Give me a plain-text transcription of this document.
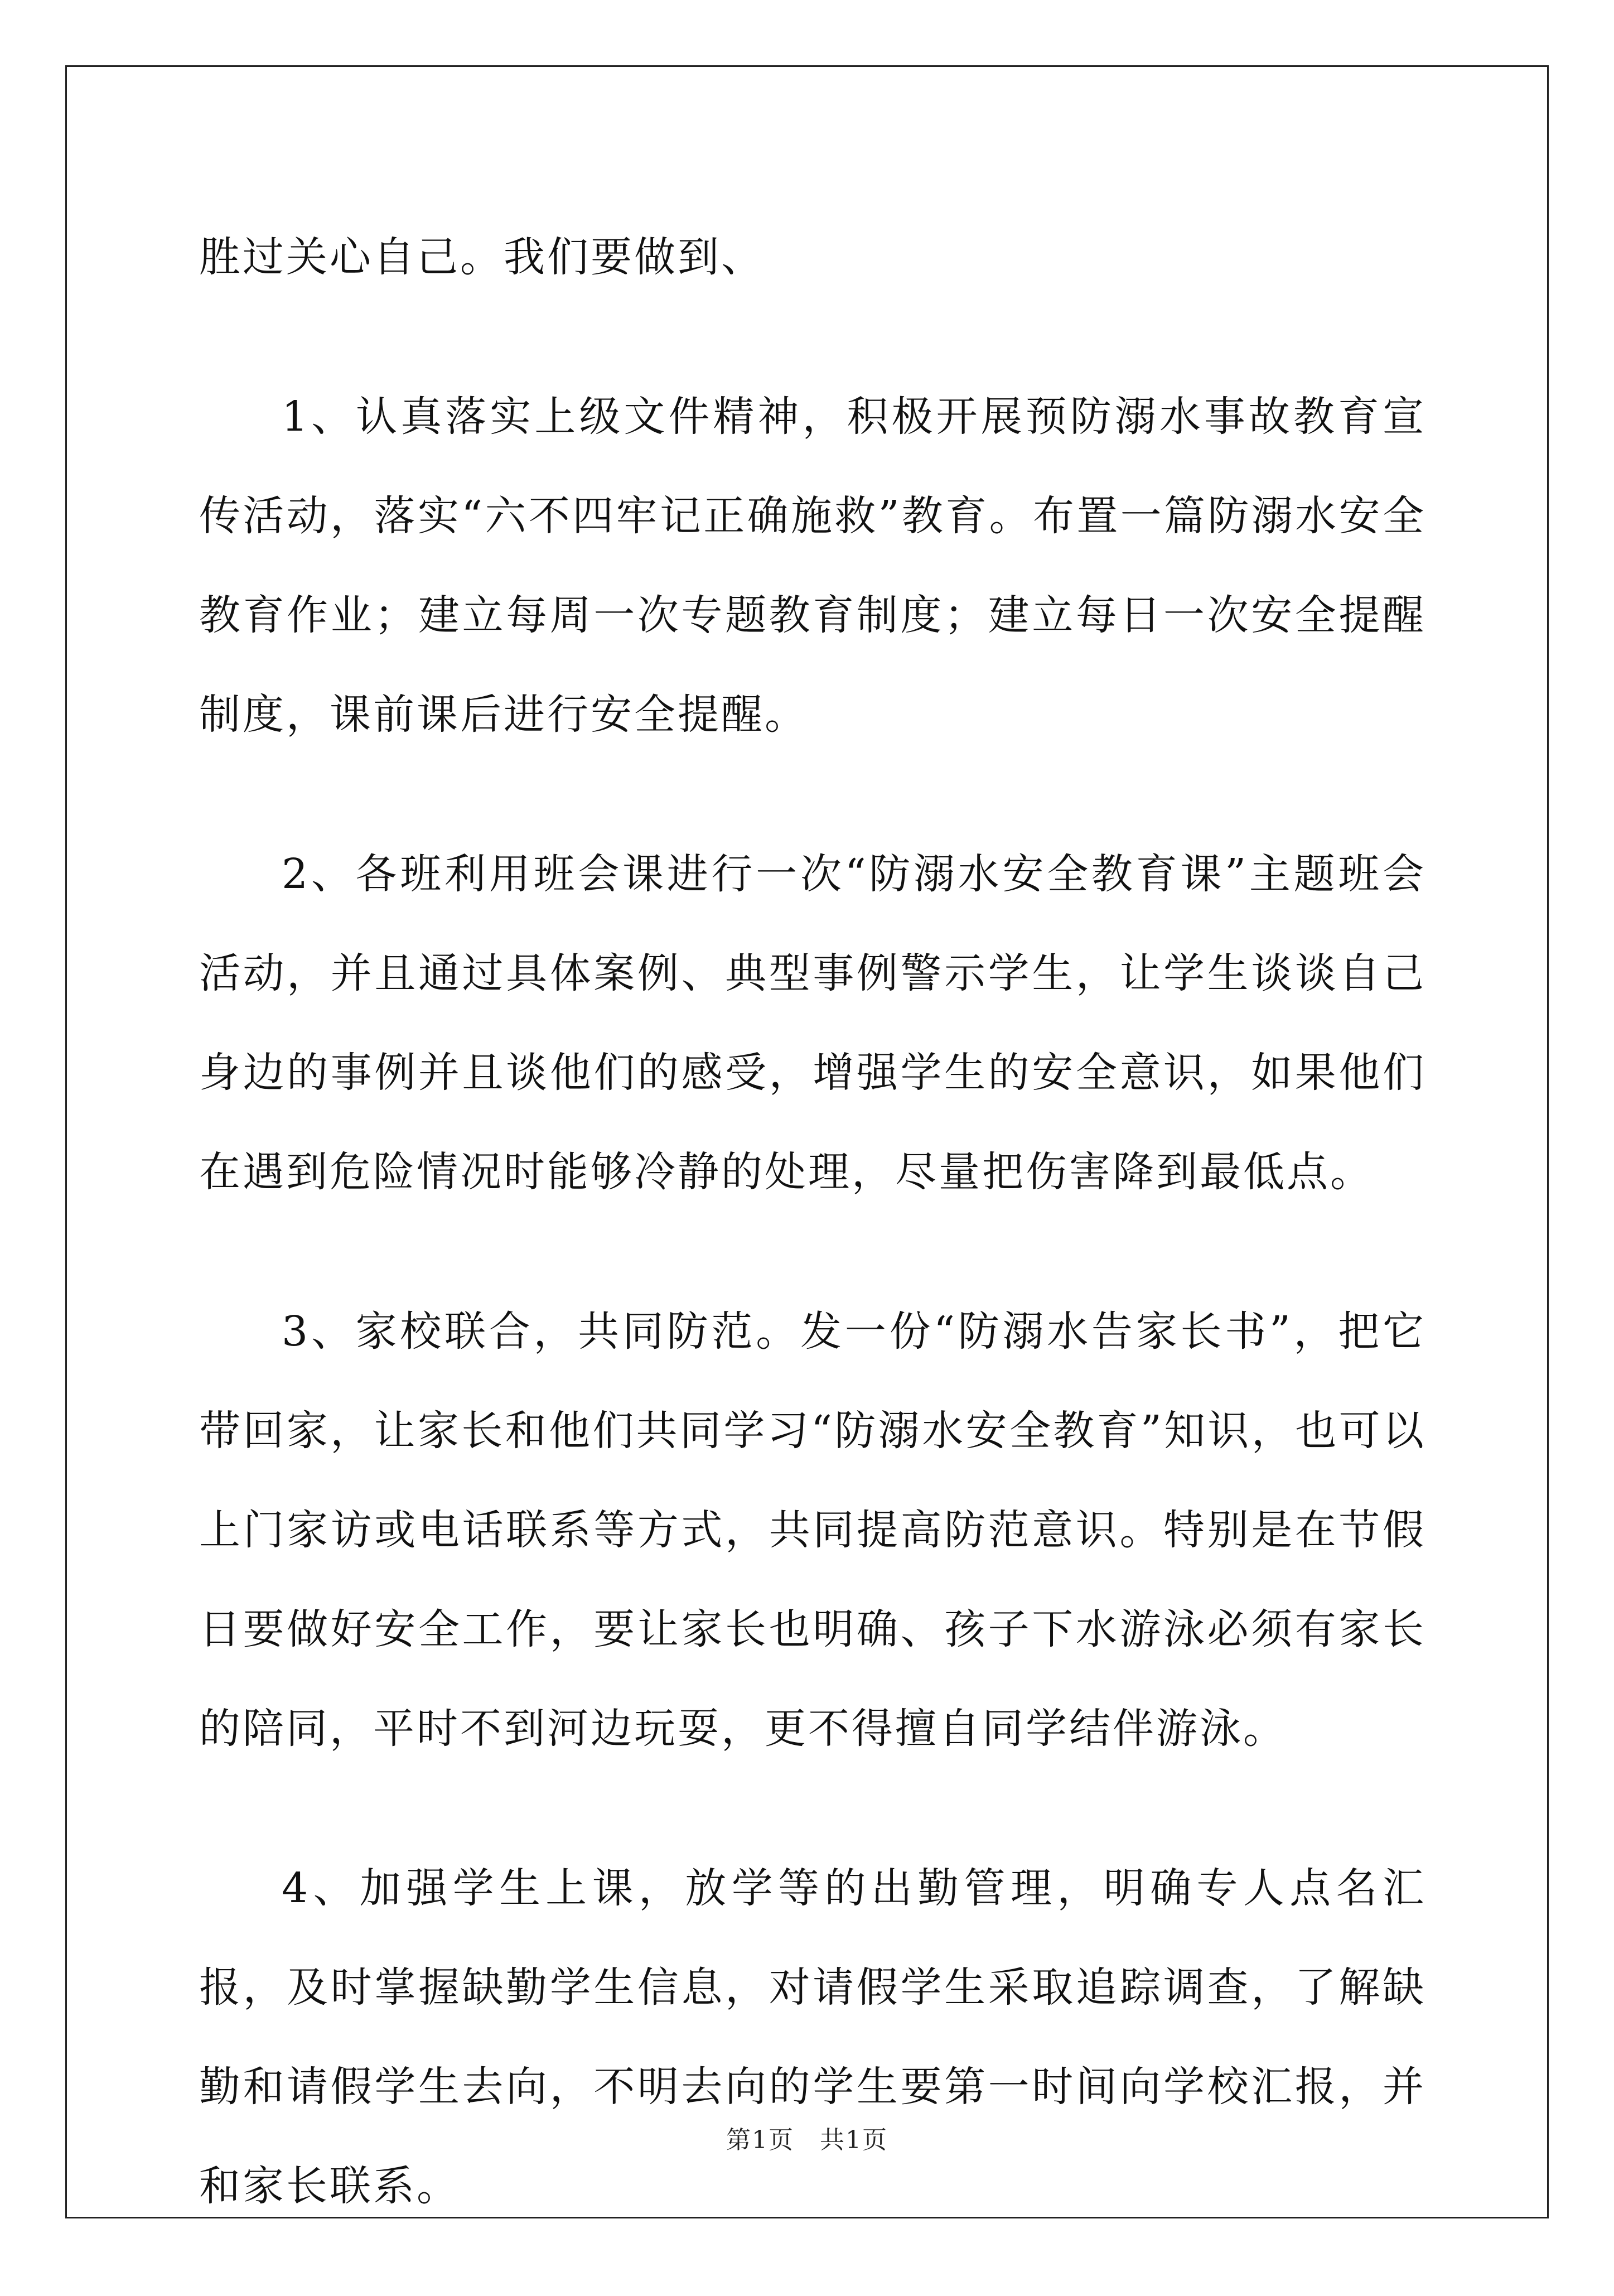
胜过关心自己。我们要做到、

1、认真落实上级文件精神，积极开展预防溺水事故教育宣传活动，落实“六不四牢记正确施救”教育。布置一篇防溺水安全教育作业；建立每周一次专题教育制度；建立每日一次安全提醒制度，课前课后进行安全提醒。

2、各班利用班会课进行一次“防溺水安全教育课”主题班会活动，并且通过具体案例、典型事例警示学生，让学生谈谈自己身边的事例并且谈他们的感受，增强学生的安全意识，如果他们在遇到危险情况时能够冷静的处理，尽量把伤害降到最低点。

3、家校联合，共同防范。发一份“防溺水告家长书”，把它带回家，让家长和他们共同学习“防溺水安全教育”知识，也可以上门家访或电话联系等方式，共同提高防范意识。特别是在节假日要做好安全工作，要让家长也明确、孩子下水游泳必须有家长的陪同，平时不到河边玩耍，更不得擅自同学结伴游泳。

4、加强学生上课，放学等的出勤管理，明确专人点名汇报，及时掌握缺勤学生信息，对请假学生采取追踪调查，了解缺勤和请假学生去向，不明去向的学生要第一时间向学校汇报，并和家长联系。

第1页　共1页
